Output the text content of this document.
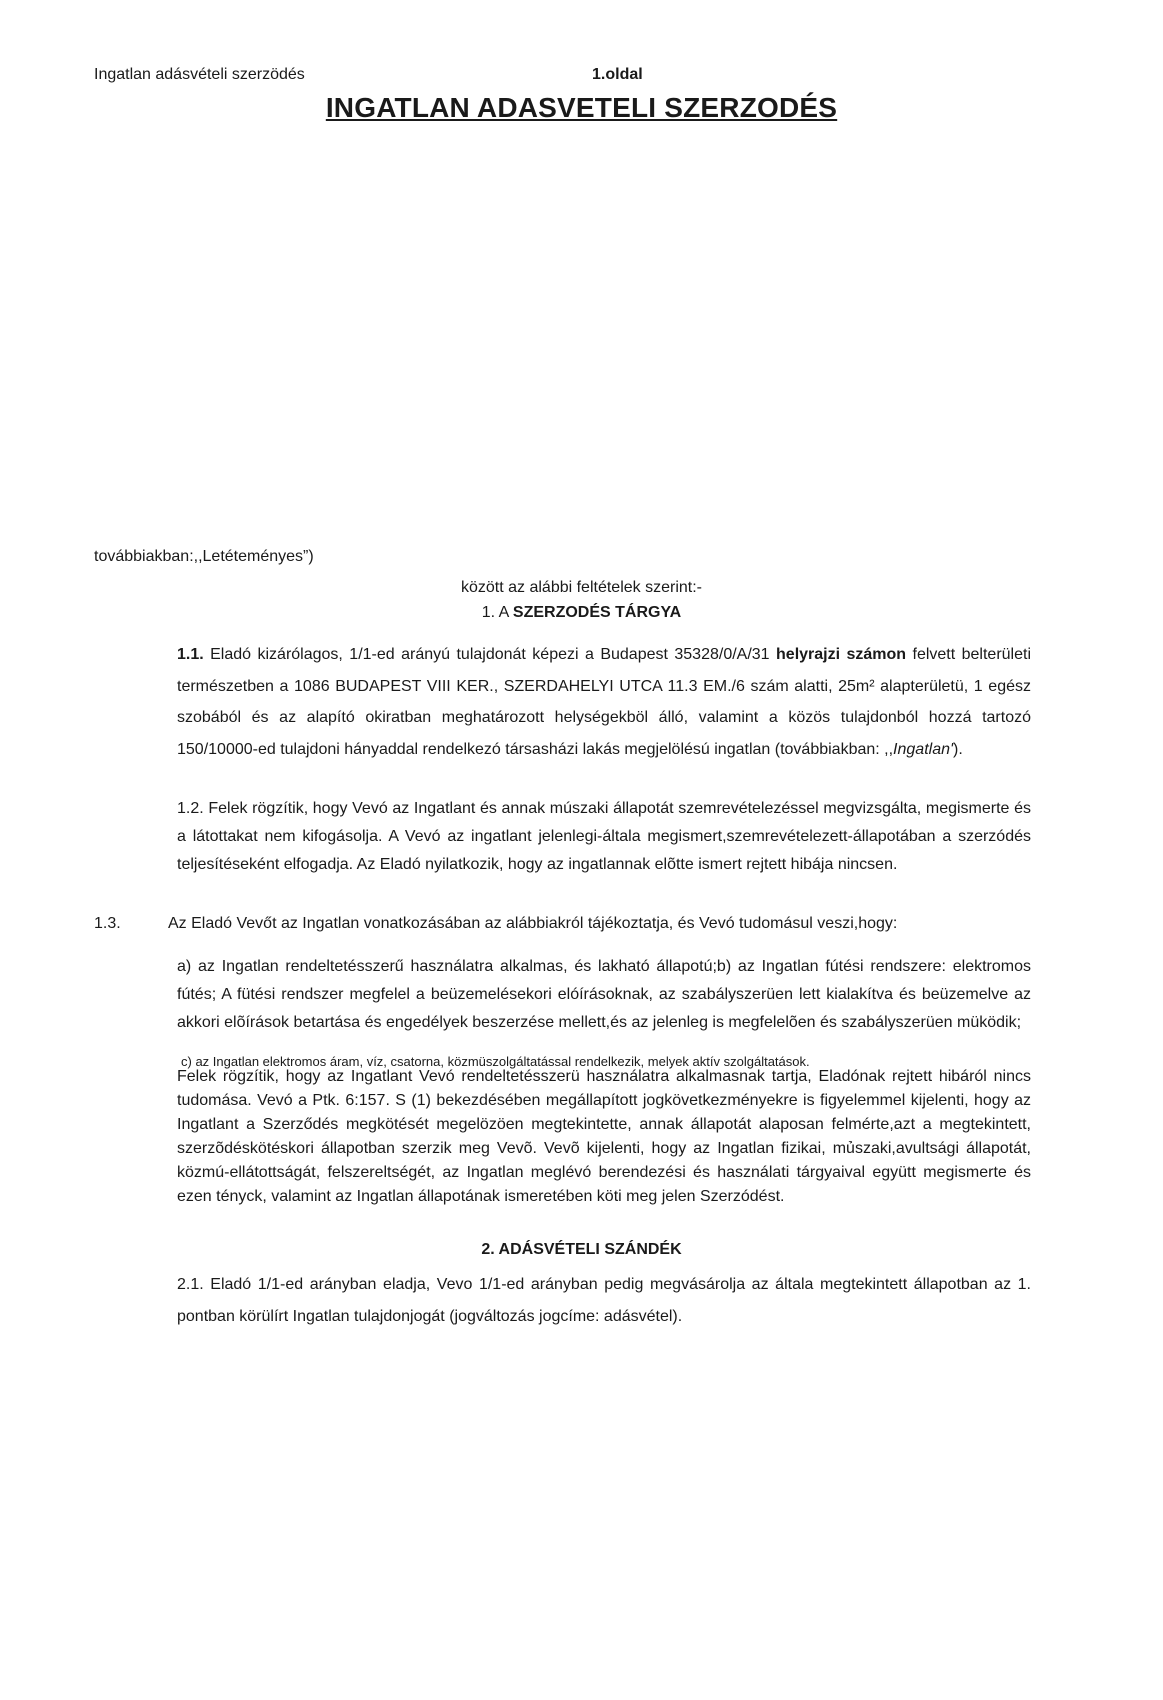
Ingatlan adásvételi szerzödés	1.oldal
INGATLAN ADASVETELI SZERZODÉS
továbbiakban:,,Letéteményes”)
között az alábbi feltételek szerint:-
1. A SZERZODÉS TÁRGYA

1.1. Eladó kizárólagos, 1/1-ed arányú tulajdonát képezi a Budapest 35328/0/A/31 helyrajzi számon felvett belterületi természetben a 1086 BUDAPEST VIII KER., SZERDAHELYI UTCA 11.3 EM./6 szám alatti, 25m² alapterületü, 1 egész szobából és az alapító okiratban meghatározott helységekböl álló, valamint a közös tulajdonból hozzá tartozó 150/10000-ed tulajdoni hányaddal rendelkezó társasházi lakás megjelölésú ingatlan (továbbiakban: ,,Ingatlan').

1.2. Felek rögzítik, hogy Vevó az Ingatlant és annak múszaki állapotát szemrevételezéssel megvizsgálta, megismerte és a látottakat nem kifogásolja. A Vevó az ingatlant jelenlegi-általa megismert,szemrevételezett-állapotában a szerzódés teljesítéseként elfogadja. Az Eladó nyilatkozik, hogy az ingatlannak elõtte ismert rejtett hibája nincsen.

1.3.	Az Eladó Vevőt az Ingatlan vonatkozásában az alábbiakról tájékoztatja, és Vevó tudomásul veszi,hogy:

a) az Ingatlan rendeltetésszerű használatra alkalmas, és lakható állapotú;b) az Ingatlan fútési rendszere: elektromos fútés; A fütési rendszer megfelel a beüzemelésekori elóírásoknak, az szabályszerüen lett kialakítva és beüzemelve az akkori elõírások betartása és engedélyek beszerzése mellett,és az jelenleg is megfelelõen és szabályszerüen müködik;

c) az Ingatlan elektromos áram, víz, csatorna, közmüszolgáltatással rendelkezik, melyek aktív szolgáltatások.

Felek rögzítik, hogy az Ingatlant Vevó rendeltetésszerü használatra alkalmasnak tartja, Eladónak rejtett hibáról nincs tudomása. Vevó a Ptk. 6:157. S (1) bekezdésében megállapított jogkövetkezményekre is figyelemmel kijelenti, hogy az Ingatlant a Szerződés megkötését megelözöen megtekintette, annak állapotát alaposan felmérte,azt a megtekintett, szerzõdéskötéskori állapotban szerzik meg Vevõ. Vevõ kijelenti, hogy az Ingatlan fizikai, mủszaki,avultsági állapotát, közmú-ellátottságát, felszereltségét, az Ingatlan meglévó berendezési és használati tárgyaival együtt megismerte és ezen tényck, valamint az Ingatlan állapotának ismeretében köti meg jelen Szerzódést.

2. ADÁSVÉTELI SZÁNDÉK

2.1. Eladó 1/1-ed arányban eladja, Vevo 1/1-ed arányban pedig megvásárolja az általa megtekintett állapotban az 1. pontban körülírt Ingatlan tulajdonjogát (jogváltozás jogcíme: adásvétel).
